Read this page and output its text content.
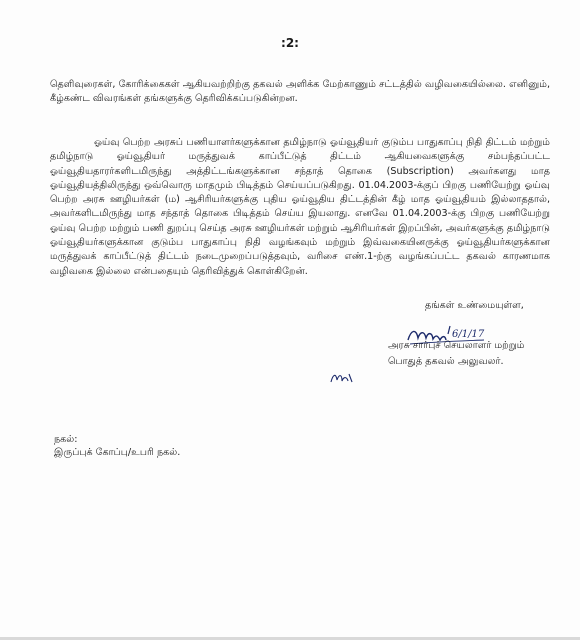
:2:
தெளிவுரைகள், கோரிக்கைகள் ஆகியவற்றிற்கு தகவல் அளிக்க மேற்காணும் சட்டத்தில் வழிவகையில்லை. எனினும், கீழ்கண்ட விவரங்கள் தங்களுக்கு தெரிவிக்கப்படுகின்றன.
ஓய்வு பெற்ற அரசுப் பணியாளர்களுக்கான தமிழ்நாடு ஓய்வூதியர் குடும்ப பாதுகாப்பு நிதி திட்டம் மற்றும் தமிழ்நாடு ஓய்வூதியர் மருத்துவக் காப்பீட்டுத் திட்டம் ஆகியவைகளுக்கு சம்பந்தப்பட்ட ஓய்வூதியதாரர்களிடமிருந்து அத்திட்டங்களுக்கான சந்தாத் தொகை (Subscription) அவர்களது மாத ஓய்வூதியத்திலிருந்து ஒவ்வொரு மாதமும் பிடித்தம் செய்யப்படுகிறது. 01.04.2003-க்குப் பிறகு பணியேற்று ஓய்வு பெற்ற அரசு ஊழியர்கள் (ம) ஆசிரியர்களுக்கு புதிய ஓய்வூதிய திட்டத்தின் கீழ் மாத ஓய்வூதியம் இல்லாததால், அவர்களிடமிருந்து மாத சந்தாத் தொகை பிடித்தம் செய்ய இயலாது. எனவே 01.04.2003-க்கு பிறகு பணியேற்று ஓய்வு பெற்ற மற்றும் பணி துறப்பு செய்த அரசு ஊழியர்கள் மற்றும் ஆசிரியர்கள் இறப்பின், அவர்களுக்கு தமிழ்நாடு ஓய்வூதியர்களுக்கான குடும்ப பாதுகாப்பு நிதி வழங்கவும் மற்றும் இவ்வகையினருக்கு ஓய்வூதியர்களுக்கான மருத்துவக் காப்பீட்டுத் திட்டம் நடைமுறைப்படுத்தவும், வரிசை எண்.1-ற்கு வழங்கப்பட்ட தகவல் காரணமாக வழிவகை இல்லை என்பதையும் தெரிவித்துக் கொள்கிறேன்.
தங்கள் உண்மையுள்ள,
6/1/17
அரசு சார்புச் செயலாளர் மற்றும்
பொதுத் தகவல் அலுவலர்.
நகல்:
இருப்புக் கோப்பு/உபரி நகல்.
